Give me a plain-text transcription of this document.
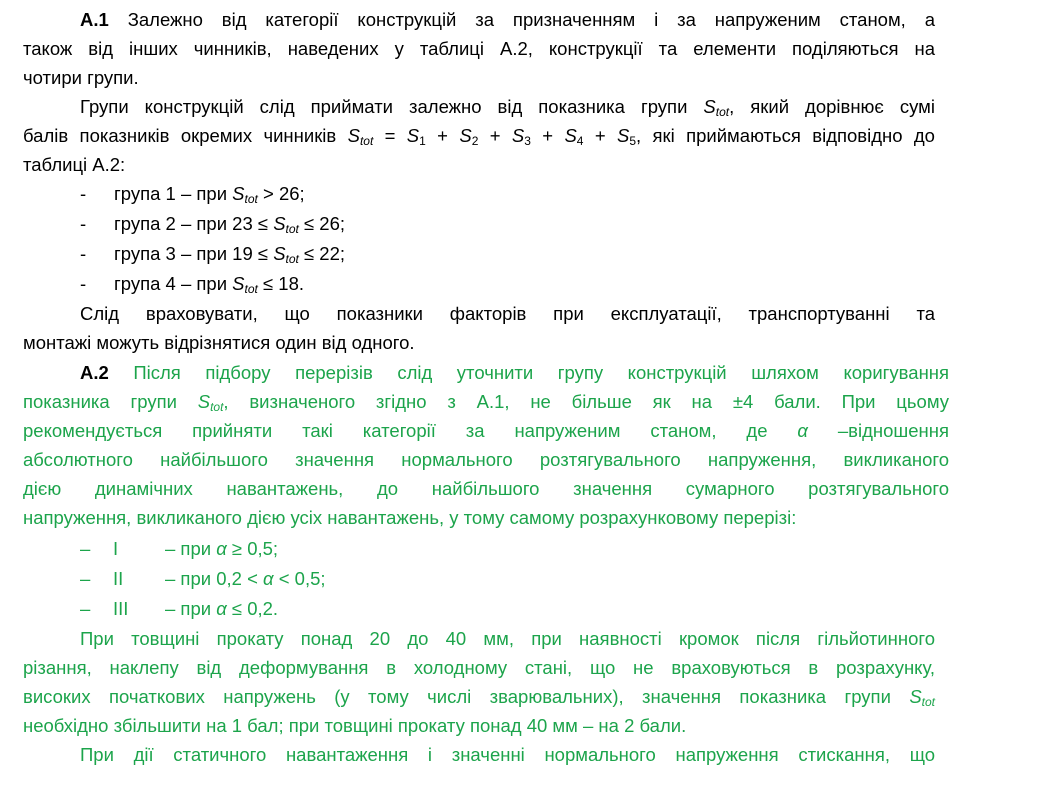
А.1 Залежно від категорії конструкцій за призначенням і за напруженим станом, а
також від інших чинників, наведених у таблиці А.2, конструкції та елементи поділяються на
чотири групи.
Групи конструкцій слід приймати залежно від показника групи $S_{tot}$, який дорівнює сумі
балів показників окремих чинників $S_{tot} = S_1 + S_2 + S_3 + S_4 + S_5$, які приймаються відповідно до
таблиці А.2:
- група 1 – при $S_{tot} > 26$;
- група 2 – при $23 \le S_{tot} \le 26$;
- група 3 – при $19 \le S_{tot} \le 22$;
- група 4 – при $S_{tot} \le 18$.
Слід враховувати, що показники факторів при експлуатації, транспортуванні та
монтажі можуть відрізнятися один від одного.
А.2 Після підбору перерізів слід уточнити групу конструкцій шляхом коригування
показника групи $S_{tot}$, визначеного згідно з А.1, не більше як на ±4 бали. При цьому
рекомендується прийняти такі категорії за напруженим станом, де α –відношення
абсолютного найбільшого значення нормального розтягувального напруження, викликаного
дією динамічних навантажень, до найбільшого значення сумарного розтягувального
напруження, викликаного дією усіх навантажень, у тому самому розрахунковому перерізі:
– I	– при α ≥ 0,5;
– II – при 0,2 < α < 0,5;
– III – при α ≤ 0,2.
При товщині прокату понад 20 до 40 мм, при наявності кромок після гільйотинного
різання, наклепу від деформування в холодному стані, що не враховуються в розрахунку,
високих початкових напружень (у тому числі зварювальних), значення показника групи $S_{tot}$
необхідно збільшити на 1 бал; при товщині прокату понад 40 мм – на 2 бали.
При дії статичного навантаження і значенні нормального напруження стискання, що
